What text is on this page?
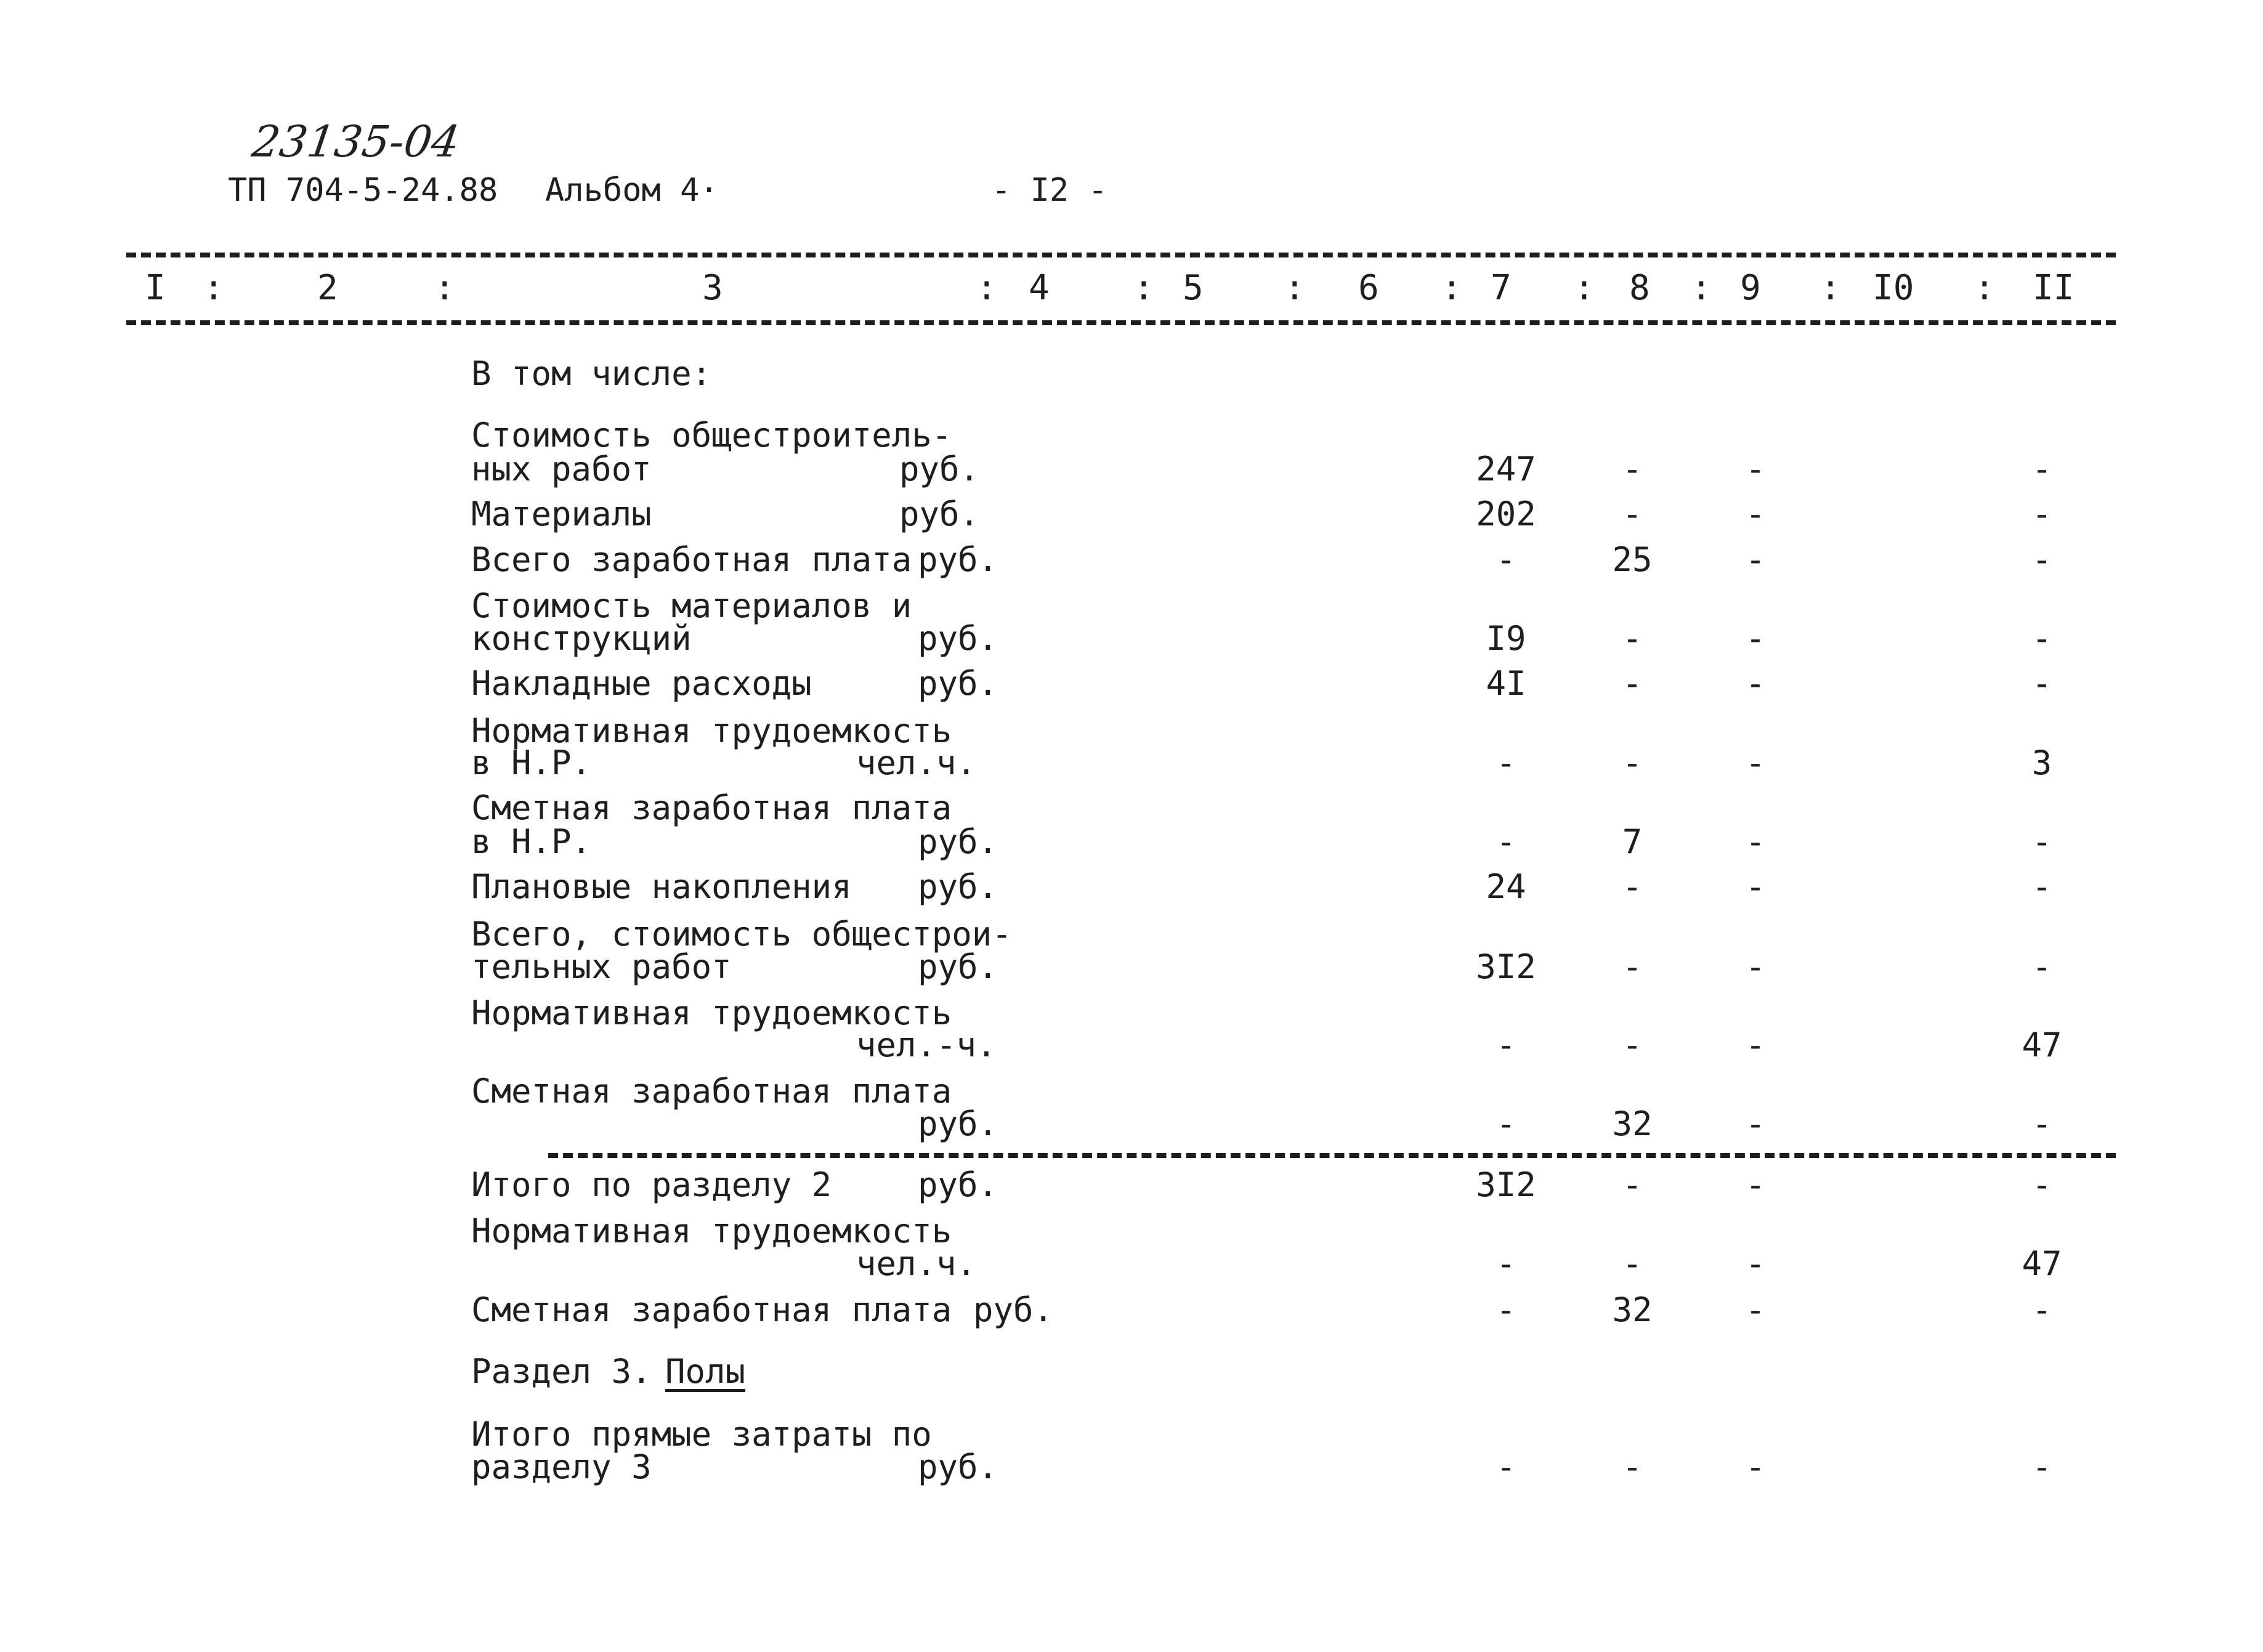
23135-04
ТП 704-5-24.88 Альбом 4·	- I2 -
I :	2	:	3	: 4 : 5 : 6 : 7 : 8 : 9 : I0 : II
В том числе:
Стоимость общестроитель-
ных работ	руб.	247	-	-	-
Материалы	руб.	202	-	-	-
Всего заработная плата руб.	-	25	-	-
Стоимость материалов и
конструкций	руб.	I9	-	-	-
Накладные расходы	руб.	4I	-	-	-
Нормативная трудоемкость
в Н.Р.	чел.ч.	-	-	-	3
Сметная заработная плата
в Н.Р.	руб.	-	7	-	-
Плановые накопления руб.	24	-	-	-
Всего, стоимость общестрои-
тельных работ	руб.	3I2	-	-	-
Нормативная трудоемкость
чел.-ч.	-	-	-	47
Сметная заработная плата
руб.	-	32	-	-
Итого по разделу 2	руб.	3I2	-	-	-
Нормативная трудоемкость
чел.ч.	-	-	-	47
Сметная заработная плата руб.	-	32	-	-
Раздел 3. Полы
Итого прямые затраты по
разделу 3	руб.	-	-	-	-
